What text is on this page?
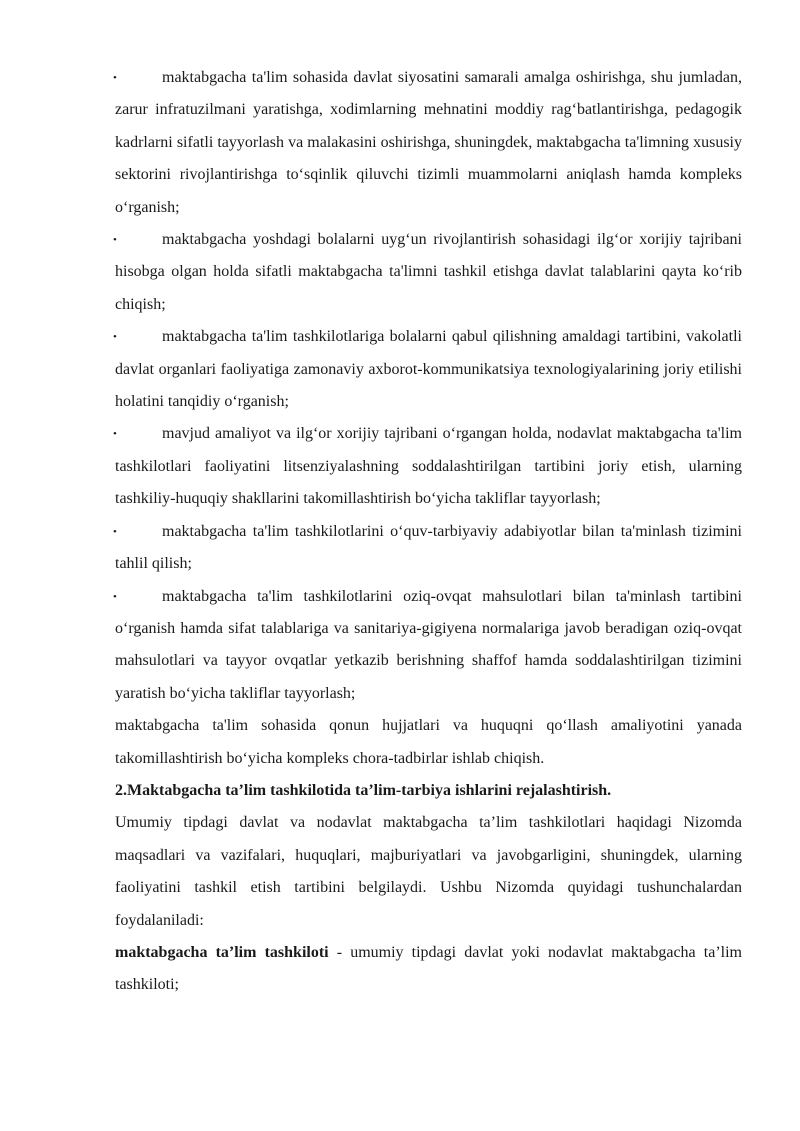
•	maktabgacha ta'lim sohasida davlat siyosatini samarali amalga oshirishga, shu jumladan, zarur infratuzilmani yaratishga, xodimlarning mehnatini moddiy rag‘batlantirishga, pedagogik kadrlarni sifatli tayyorlash va malakasini oshirishga, shuningdek, maktabgacha ta'limning xususiy sektorini rivojlantirishga to‘sqinlik qiluvchi tizimli muammolarni aniqlash hamda kompleks o‘rganish;
•	maktabgacha yoshdagi bolalarni uyg‘un rivojlantirish sohasidagi ilg‘or xorijiy tajribani hisobga olgan holda sifatli maktabgacha ta'limni tashkil etishga davlat talablarini qayta ko‘rib chiqish;
•	maktabgacha ta'lim tashkilotlariga bolalarni qabul qilishning amaldagi tartibini, vakolatli davlat organlari faoliyatiga zamonaviy axborot-kommunikatsiya texnologiyalarining joriy etilishi holatini tanqidiy o‘rganish;
•	mavjud amaliyot va ilg‘or xorijiy tajribani o‘rgangan holda, nodavlat maktabgacha ta'lim tashkilotlari faoliyatini litsenziyalashning soddalashtirilgan tartibini joriy etish, ularning tashkiliy-huquqiy shakllarini takomillashtirish bo‘yicha takliflar tayyorlash;
•	maktabgacha ta'lim tashkilotlarini o‘quv-tarbiyaviy adabiyotlar bilan ta'minlash tizimini tahlil qilish;
•	maktabgacha ta'lim tashkilotlarini oziq-ovqat mahsulotlari bilan ta'minlash tartibini o‘rganish hamda sifat talablariga va sanitariya-gigiyena normalariga javob beradigan oziq-ovqat mahsulotlari va tayyor ovqatlar yetkazib berishning shaffof hamda soddalashtirilgan tizimini yaratish bo‘yicha takliflar tayyorlash;

maktabgacha ta'lim sohasida qonun hujjatlari va huquqni qo‘llash amaliyotini yanada takomillashtirish bo‘yicha kompleks chora-tadbirlar ishlab chiqish.

2.Maktabgacha ta’lim tashkilotida ta’lim-tarbiya ishlarini rejalashtirish.

Umumiy tipdagi davlat va nodavlat maktabgacha ta’lim tashkilotlari haqidagi Nizomda maqsadlari va vazifalari, huquqlari, majburiyatlari va javobgarligini, shuningdek, ularning faoliyatini tashkil etish tartibini belgilaydi. Ushbu Nizomda quyidagi tushunchalardan foydalaniladi:

maktabgacha ta’lim tashkiloti - umumiy tipdagi davlat yoki nodavlat maktabgacha ta’lim tashkiloti;
